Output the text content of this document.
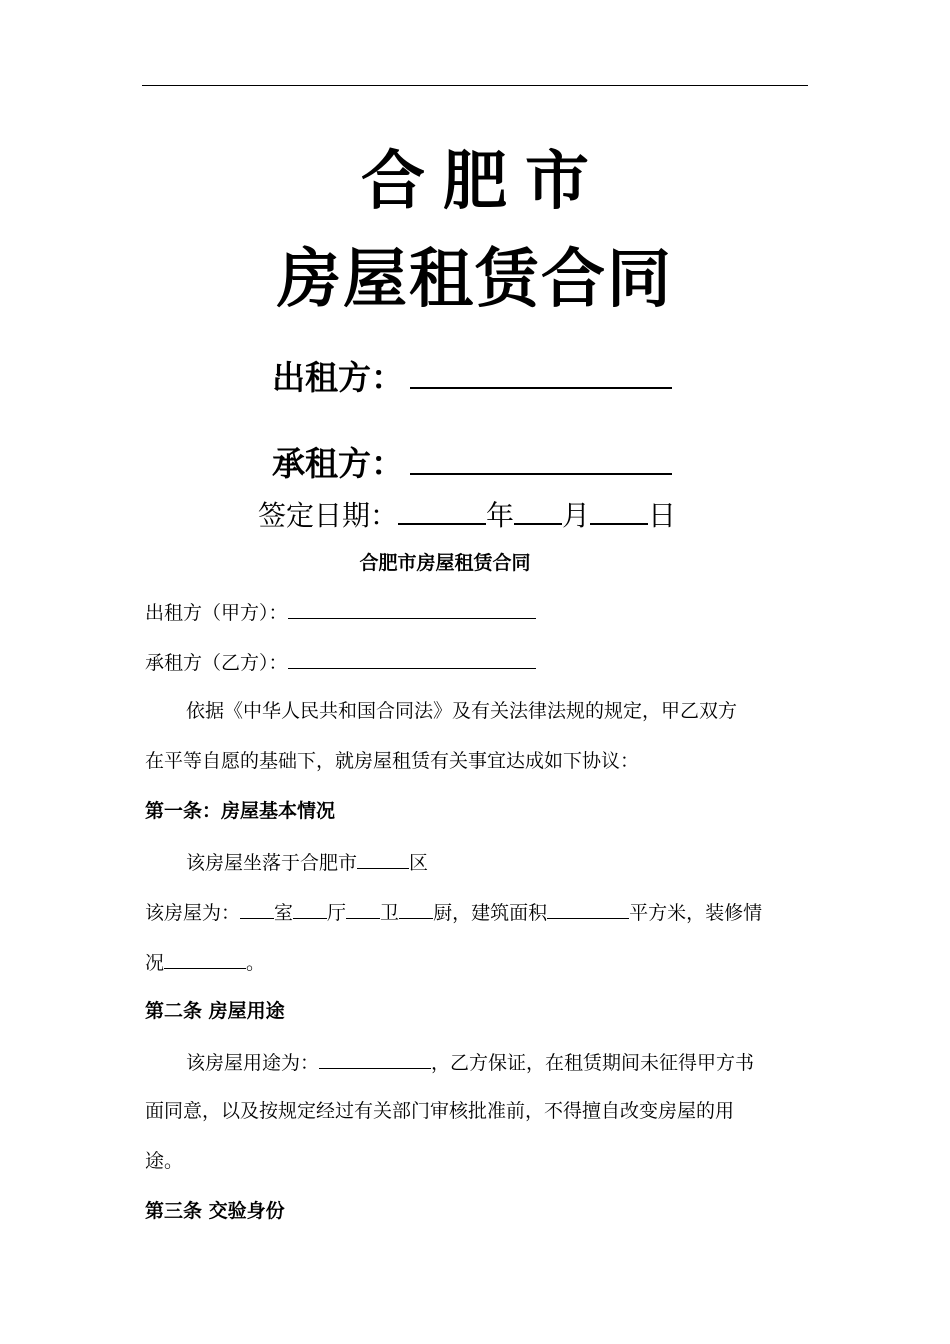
合肥市
房屋租赁合同
出租方：
承租方：
签定日期：	年 月 日
合肥市房屋租赁合同
出租方（甲方）：
承租方（乙方）：
依据《中华人民共和国合同法》及有关法律法规的规定，甲乙双方
在平等自愿的基础下，就房屋租赁有关事宜达成如下协议：
第一条：房屋基本情况
该房屋坐落于合肥市	区
该房屋为： 室 厅 卫 厨，建筑面积	平方米，装修情
况	。
第二条 房屋用途
该房屋用途为：	，乙方保证，在租赁期间未征得甲方书
面同意，以及按规定经过有关部门审核批准前，不得擅自改变房屋的用
途。
第三条 交验身份
